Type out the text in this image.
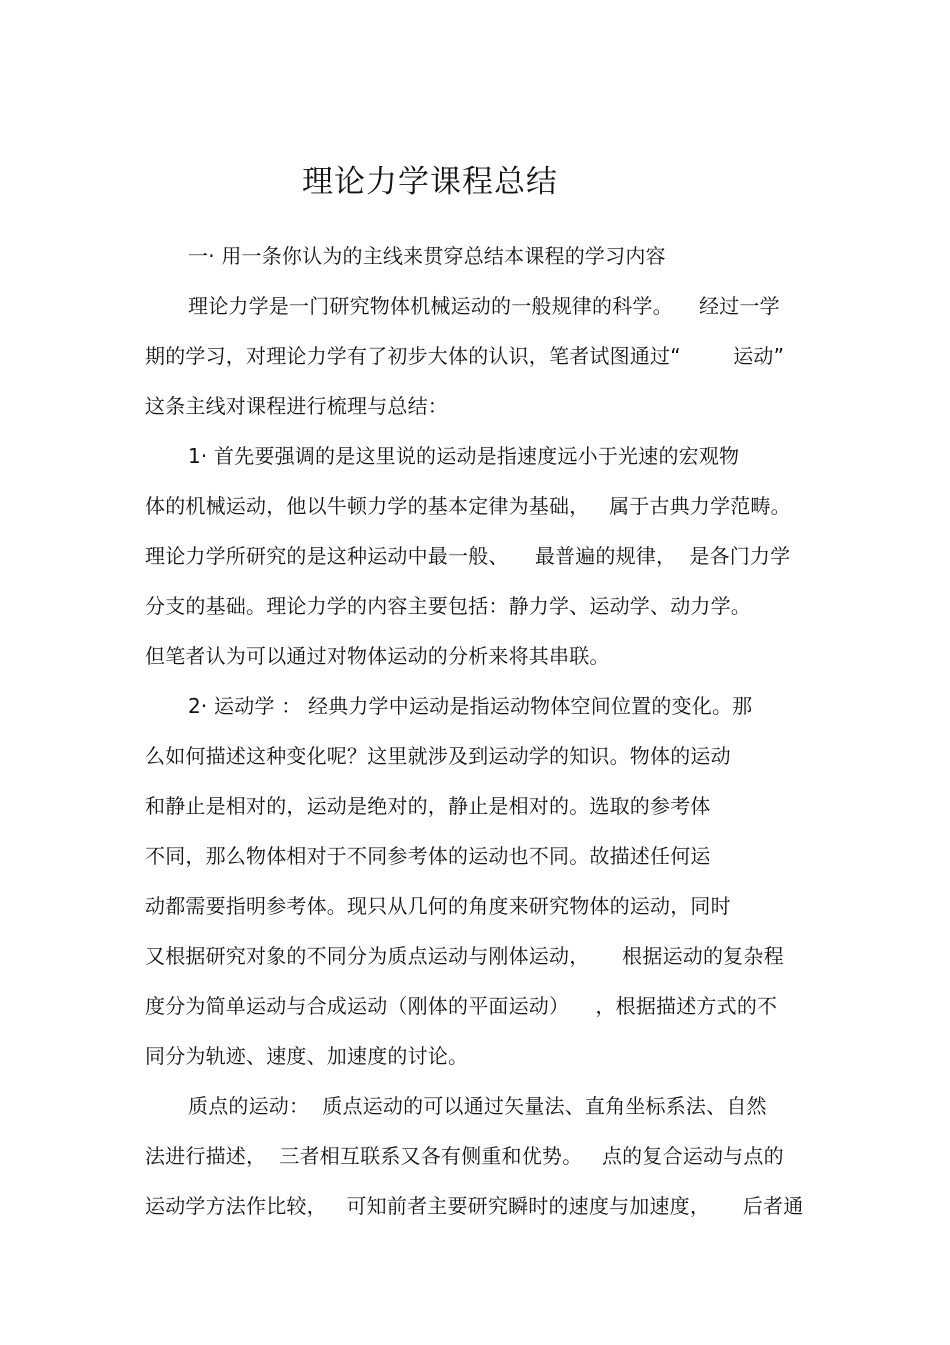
理论力学课程总结
一· 用一条你认为的主线来贯穿总结本课程的学习内容
理论力学是一门研究物体机械运动的一般规律的科学。    经过一学
期的学习，对理论力学有了初步大体的认识，笔者试图通过“        运动”
这条主线对课程进行梳理与总结：
1· 首先要强调的是这里说的运动是指速度远小于光速的宏观物
体的机械运动，他以牛顿力学的基本定律为基础，   属于古典力学范畴。
理论力学所研究的是这种运动中最一般、    最普遍的规律，  是各门力学
分支的基础。理论力学的内容主要包括：静力学、运动学、动力学。
但笔者认为可以通过对物体运动的分析来将其串联。
2· 运动学 ： 经典力学中运动是指运动物体空间位置的变化。那
么如何描述这种变化呢？这里就涉及到运动学的知识。物体的运动
和静止是相对的，运动是绝对的，静止是相对的。选取的参考体
不同，那么物体相对于不同参考体的运动也不同。故描述任何运
动都需要指明参考体。现只从几何的角度来研究物体的运动，同时
又根据研究对象的不同分为质点运动与刚体运动，     根据运动的复杂程
度分为简单运动与合成运动（刚体的平面运动）    ，根据描述方式的不
同分为轨迹、速度、加速度的讨论。
质点的运动：  质点运动的可以通过矢量法、直角坐标系法、自然
法进行描述，  三者相互联系又各有侧重和优势。   点的复合运动与点的
运动学方法作比较，   可知前者主要研究瞬时的速度与加速度，     后者通
